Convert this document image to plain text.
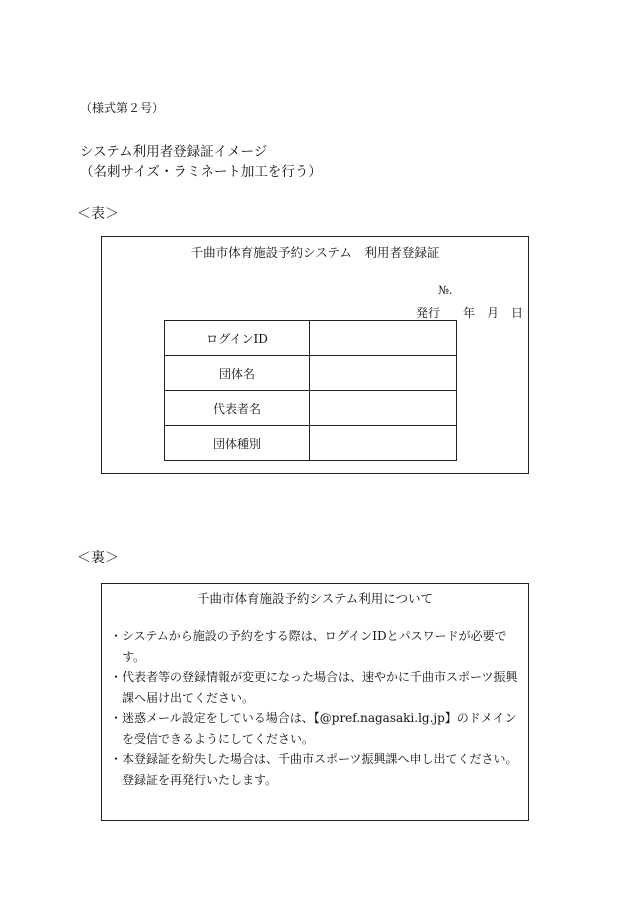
（様式第２号）
システム利用者登録証イメージ
（名刺サイズ・ラミネート加工を行う）
＜表＞
千曲市体育施設予約システム　利用者登録証
№.
発行 年 月 日
ログインID	
団体名	
代表者名	
団体種別	
＜裏＞
千曲市体育施設予約システム利用について
・ システムから施設の予約をする際は、ログインIDとパスワードが必要です。
・ 代表者等の登録情報が変更になった場合は、速やかに千曲市スポーツ振興課へ届け出てください。
・ 迷惑メール設定をしている場合は、【@pref.nagasaki.lg.jp】のドメインを受信できるようにしてください。
・ 本登録証を紛失した場合は、千曲市スポーツ振興課へ申し出てください。登録証を再発行いたします。
